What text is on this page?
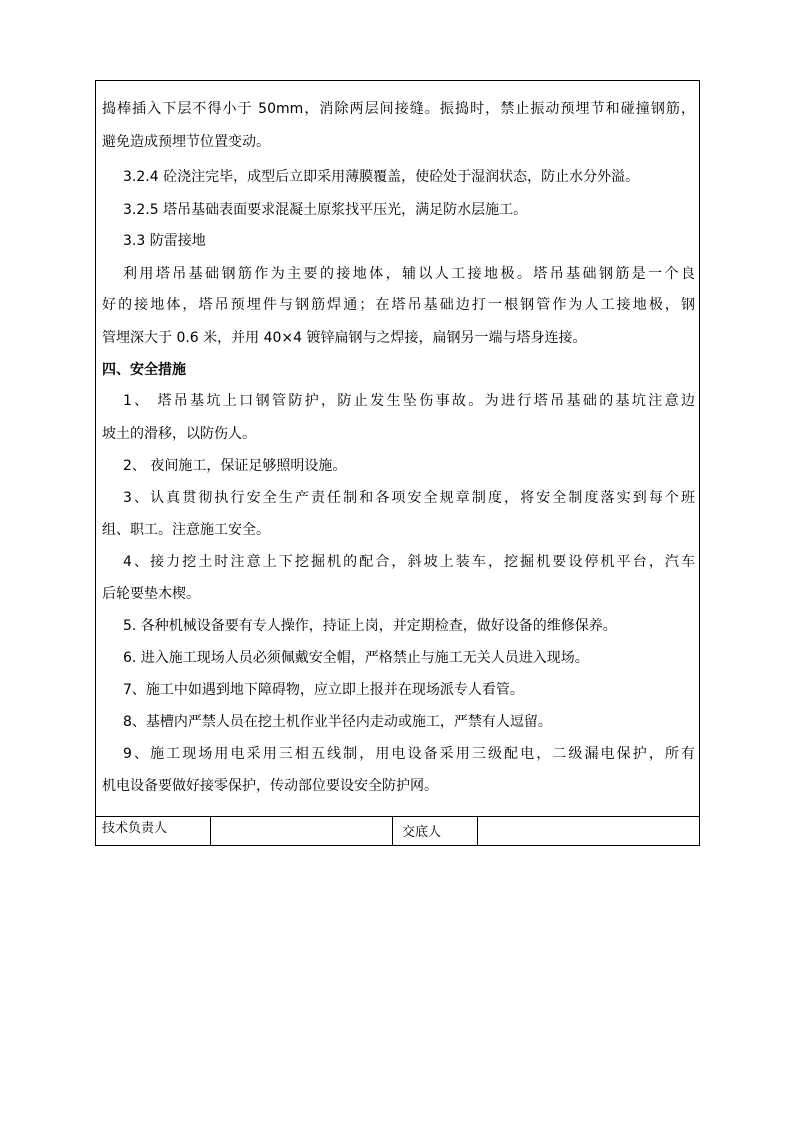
捣棒插入下层不得小于 50mm，消除两层间接缝。振捣时，禁止振动预埋节和碰撞钢筋，
避免造成预埋节位置变动。
3.2.4 砼浇注完毕，成型后立即采用薄膜覆盖，使砼处于湿润状态，防止水分外溢。
3.2.5 塔吊基础表面要求混凝土原浆找平压光，满足防水层施工。
3.3 防雷接地
利用塔吊基础钢筋作为主要的接地体，辅以人工接地极。塔吊基础钢筋是一个良
好的接地体，塔吊预埋件与钢筋焊通；在塔吊基础边打一根钢管作为人工接地极，钢
管埋深大于 0.6 米，并用 40×4 镀锌扁钢与之焊接，扁钢另一端与塔身连接。
四、安全措施
1、 塔吊基坑上口钢管防护，防止发生坠伤事故。为进行塔吊基础的基坑注意边
坡土的滑移，以防伤人。
2、 夜间施工，保证足够照明设施。
3、认真贯彻执行安全生产责任制和各项安全规章制度，将安全制度落实到每个班
组、职工。注意施工安全。
4、接力挖土时注意上下挖掘机的配合，斜坡上装车，挖掘机要设停机平台，汽车
后轮要垫木楔。
5. 各种机械设备要有专人操作，持证上岗，并定期检查，做好设备的维修保养。
6. 进入施工现场人员必须佩戴安全帽，严格禁止与施工无关人员进入现场。
7、施工中如遇到地下障碍物，应立即上报并在现场派专人看管。
8、基槽内严禁人员在挖土机作业半径内走动或施工，严禁有人逗留。
9、施工现场用电采用三相五线制，用电设备采用三级配电，二级漏电保护，所有
机电设备要做好接零保护，传动部位要设安全防护网。
技术负责人	交底人
